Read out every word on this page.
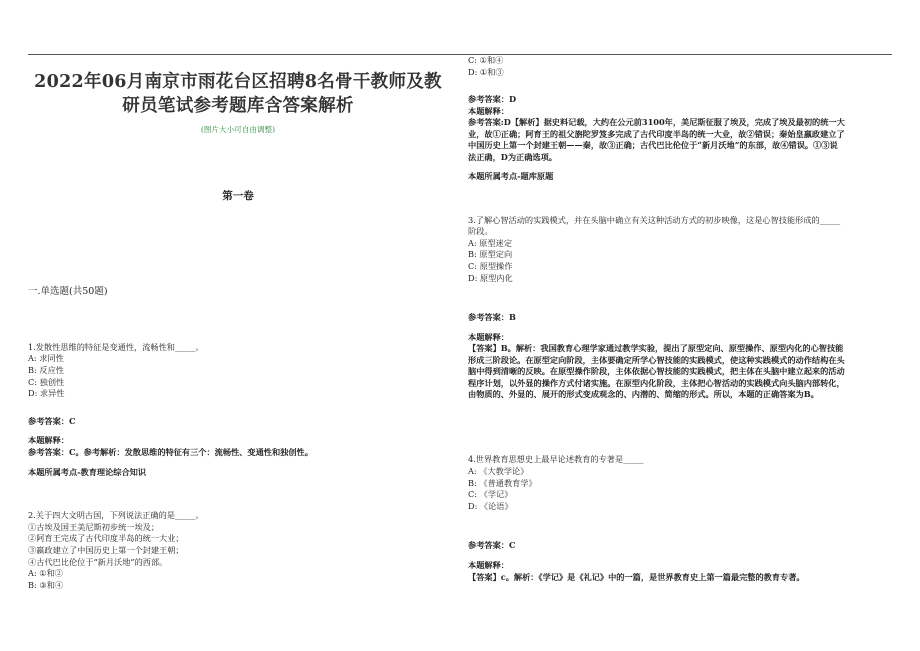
2022年06月南京市雨花台区招聘8名骨干教师及教
研员笔试参考题库含答案解析
(图片大小可自由调整)
第一卷
一.单选题(共50题)

1.发散性思维的特征是变通性，流畅性和_____。

A: 求同性

B: 反应性

C: 独创性

D: 求异性

参考答案：C

本题解释：

参考答案：C。参考解析：发散思维的特征有三个：流畅性、变通性和独创性。

本题所属考点-教育理论综合知识

2.关于四大文明古国，下列说法正确的是_____。

①古埃及国王美尼斯初步统一埃及；

②阿育王完成了古代印度半岛的统一大业；

③嬴政建立了中国历史上第一个封建王朝；

④古代巴比伦位于“新月沃地”的西部。

A: ①和②

B: ③和④

C: ①和④

D: ①和③

参考答案：D

本题解释：

参考答案:D【解析】据史料记载，大约在公元前3100年，美尼斯征服了埃及，完成了埃及最初的统一大

业，故①正确；阿育王的祖父旃陀罗笈多完成了古代印度半岛的统一大业，故②错误；秦始皇嬴政建立了

中国历史上第一个封建王朝——秦，故③正确；古代巴比伦位于“新月沃地”的东部，故④错误。①③说

法正确，D为正确选项。

本题所属考点-题库原题

3.了解心智活动的实践模式，并在头脑中确立有关这种活动方式的初步映像，这是心智技能形成的_____

阶段。

A: 原型迷定

B: 原型定向

C: 原型操作

D: 原型内化

参考答案：B

本题解释：

【答案】B。解析：我国教育心理学家通过教学实验，提出了原型定向、原型操作、原型内化的心智技能

形成三阶段论。在原型定向阶段，主体要确定所学心智技能的实践模式，使这种实践模式的动作结构在头

脑中得到清晰的反映。在原型操作阶段，主体依据心智技能的实践模式，把主体在头脑中建立起来的活动

程序计划，以外显的操作方式付诸实施。在原型内化阶段，主体把心智活动的实践模式向头脑内部转化，

由物质的、外显的、展开的形式变成观念的、内潜的、简缩的形式。所以，本题的正确答案为B。

4.世界教育思想史上最早论述教育的专著是_____

A: 《大教学论》

B: 《普通教育学》

C: 《学记》

D: 《论语》

参考答案：C

本题解释：

【答案】c。解析：《学记》是《礼记》中的一篇，是世界教育史上第一篇最完整的教育专著。
